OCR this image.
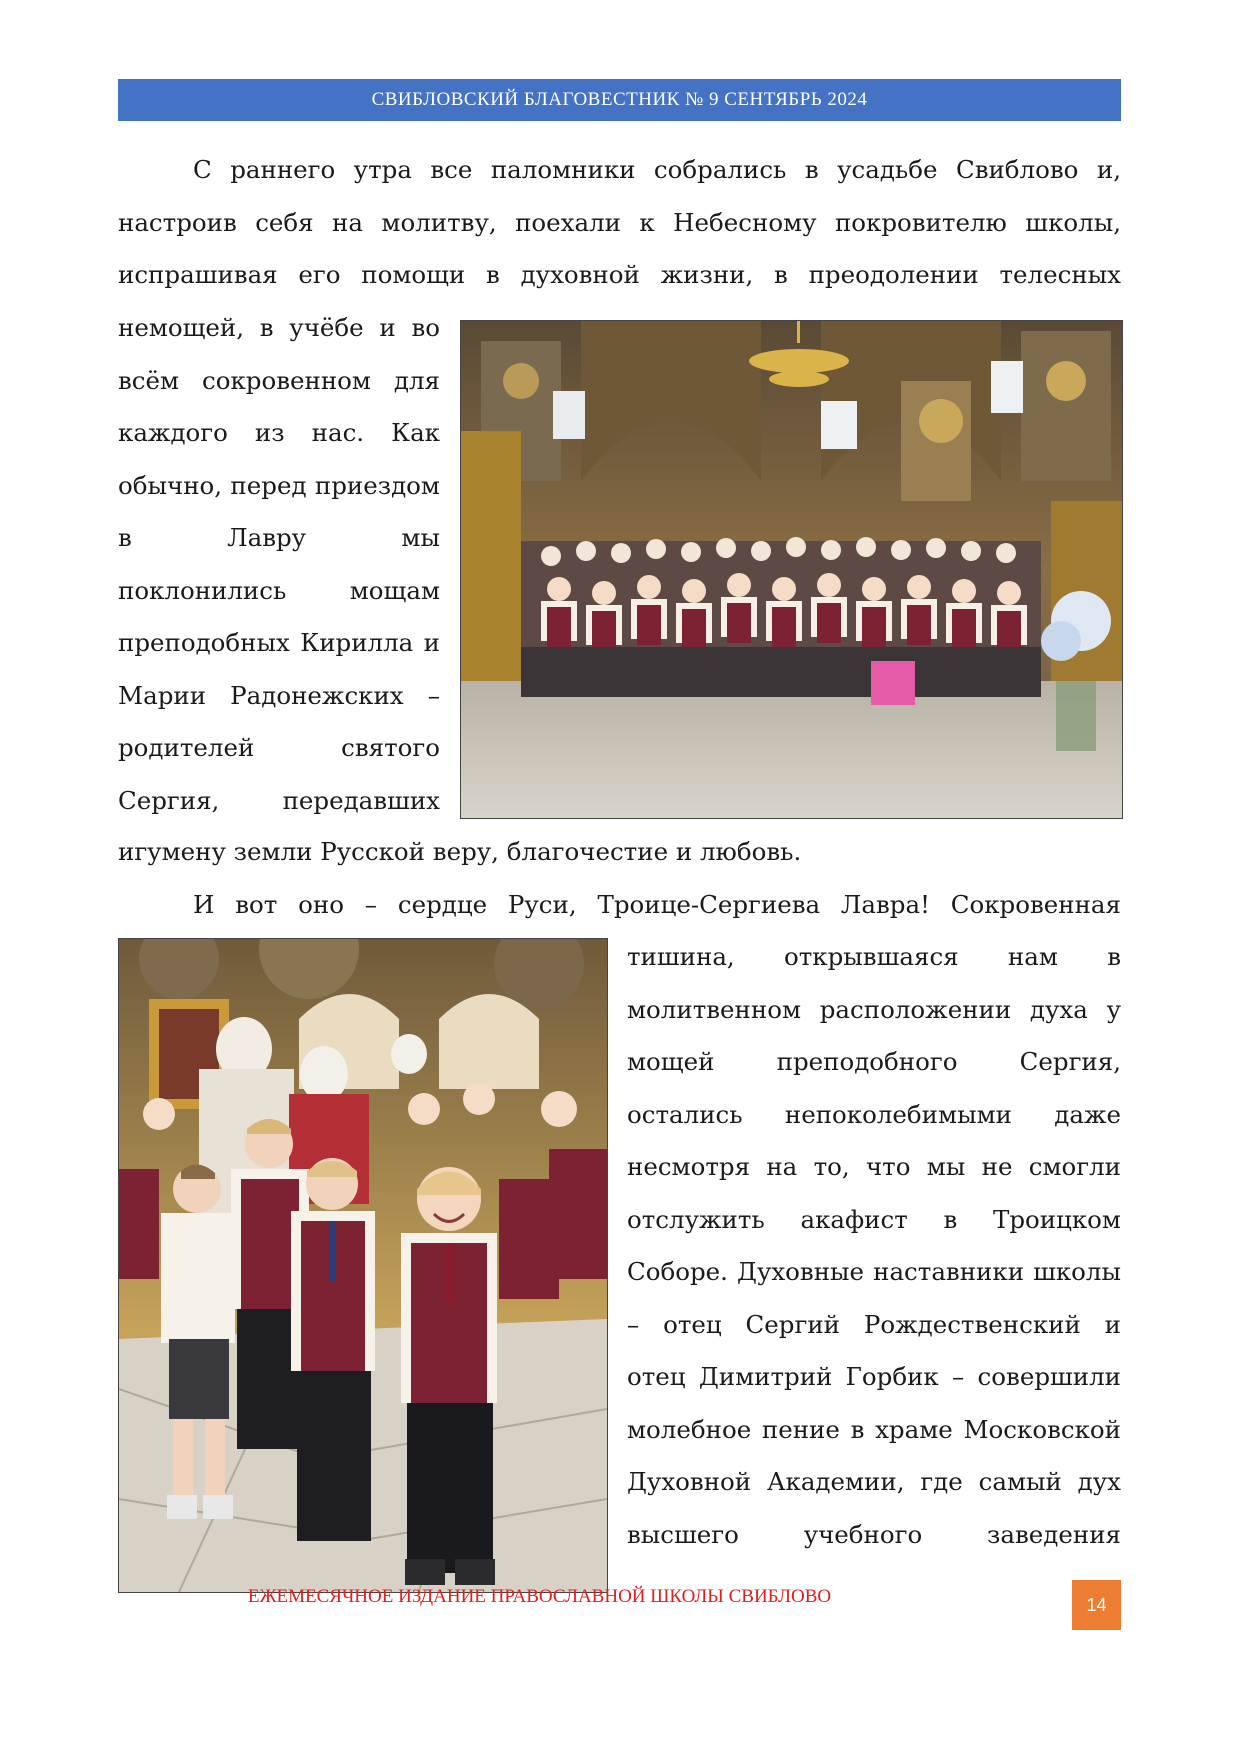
СВИБЛОВСКИЙ БЛАГОВЕСТНИК № 9 СЕНТЯБРЬ 2024

С раннего утра все паломники собрались в усадьбе Свиблово и, настроив себя на молитву, поехали к Небесному покровителю школы, испрашивая его помощи в духовной жизни, в преодолении телесных

немощей, в учёбе и во всём сокровенном для каждого из нас. Как обычно, перед приездом в Лавру мы поклонились мощам преподобных Кирилла и Марии Радонежских – родителей святого Сергия, передавших

игумену земли Русской веру, благочестие и любовь.

И вот оно – сердце Руси, Троице-Сергиева Лавра! Сокровенная

тишина, открывшаяся нам в молитвенном расположении духа у мощей преподобного Сергия, остались непоколебимыми даже несмотря на то, что мы не смогли отслужить акафист в Троицком Соборе. Духовные наставники школы – отец Сергий Рождественский и отец Димитрий Горбик – совершили молебное пение в храме Московской Духовной Академии, где самый дух высшего учебного заведения

ЕЖЕМЕСЯЧНОЕ ИЗДАНИЕ ПРАВОСЛАВНОЙ ШКОЛЫ СВИБЛОВО	14
